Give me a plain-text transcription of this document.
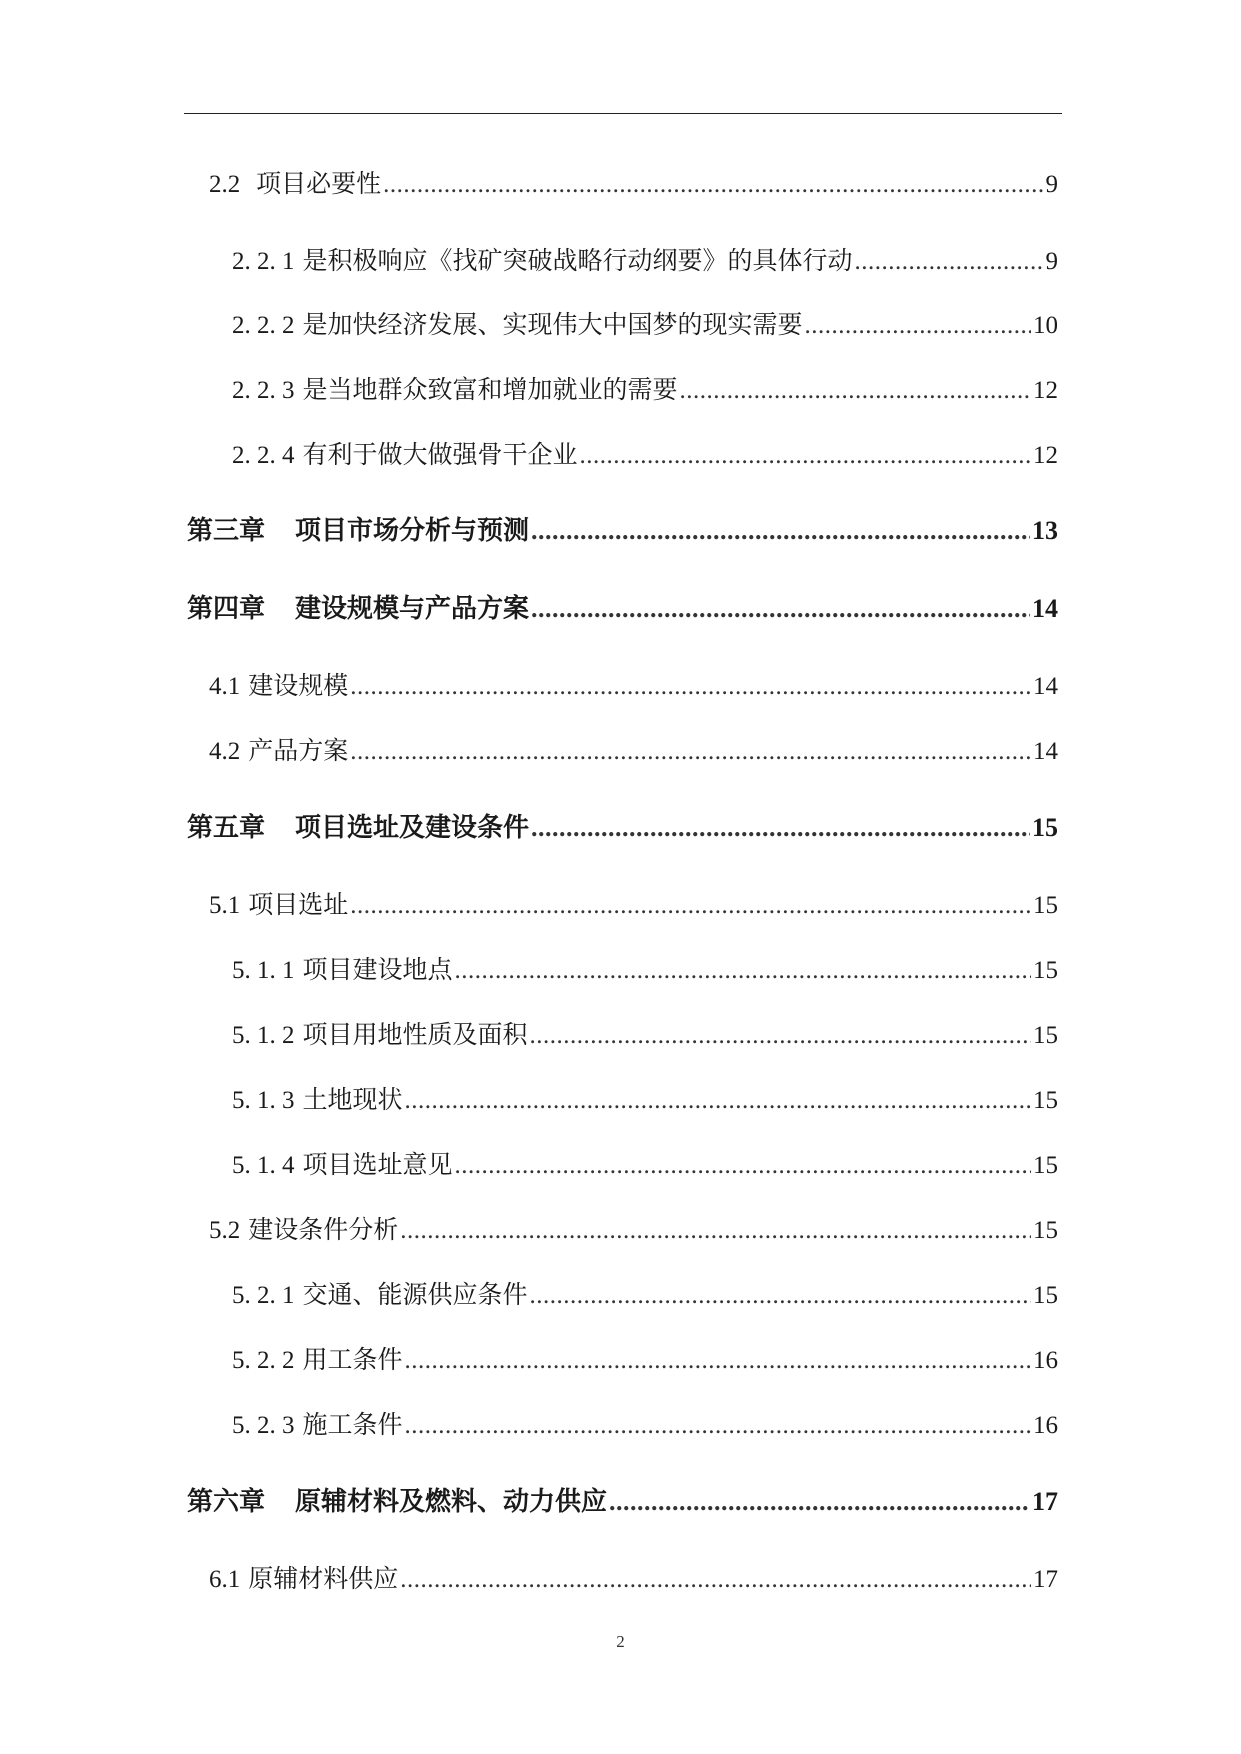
2.2 项目必要性 .....	9
2. 2. 1 是积极响应《找矿突破战略行动纲要》的具体行动 .....	9
2. 2. 2 是加快经济发展、实现伟大中国梦的现实需要 .....	10
2. 2. 3 是当地群众致富和增加就业的需要 .....	12
2. 2. 4 有利于做大做强骨干企业 .....	12
第三章 项目市场分析与预测 .....	13
第四章 建设规模与产品方案 .....	14
4.1 建设规模 .....	14
4.2 产品方案 .....	14
第五章 项目选址及建设条件 .....	15
5.1 项目选址 .....	15
5. 1. 1 项目建设地点 .....	15
5. 1. 2 项目用地性质及面积 .....	15
5. 1. 3 土地现状 .....	15
5. 1. 4 项目选址意见 .....	15
5.2 建设条件分析 .....	15
5. 2. 1 交通、能源供应条件 .....	15
5. 2. 2 用工条件 .....	16
5. 2. 3 施工条件 .....	16
第六章 原辅材料及燃料、动力供应 .....	17
6.1 原辅材料供应 .....	17
2
